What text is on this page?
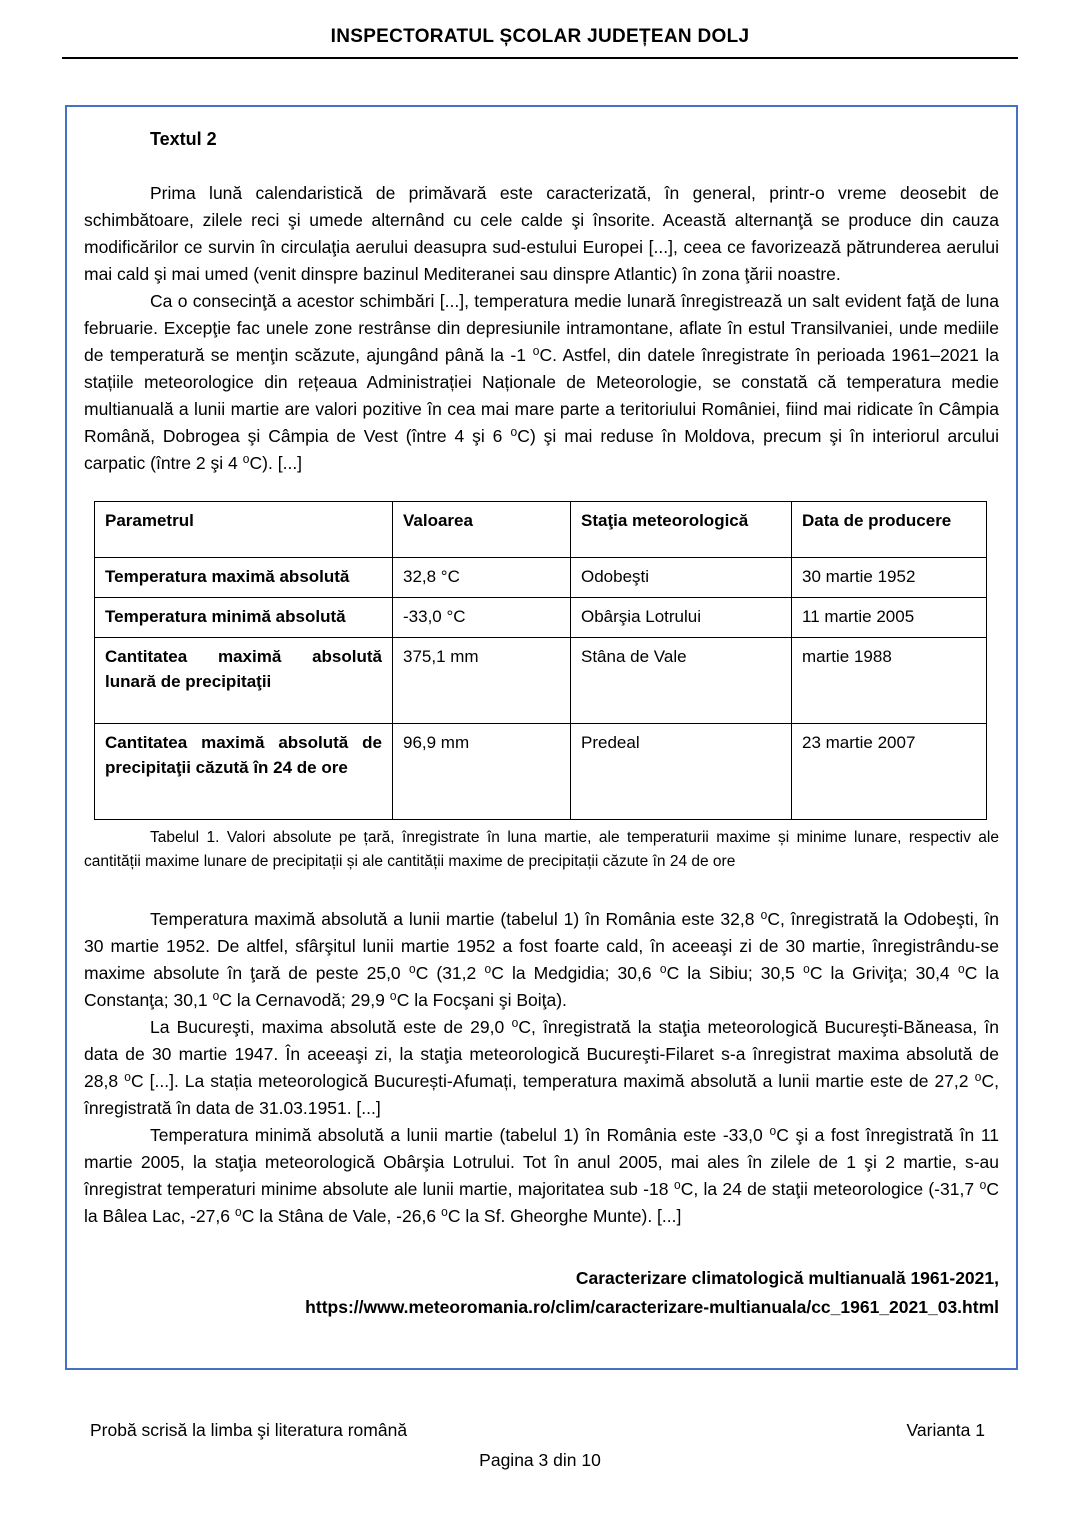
INSPECTORATUL ȘCOLAR JUDEȚEAN DOLJ
Textul 2

Prima lună calendaristică de primăvară este caracterizată, în general, printr-o vreme deosebit de schimbătoare, zilele reci şi umede alternând cu cele calde şi însorite. Această alternanţă se produce din cauza modificărilor ce survin în circulaţia aerului deasupra sud-estului Europei [...], ceea ce favorizează pătrunderea aerului mai cald şi mai umed (venit dinspre bazinul Mediteranei sau dinspre Atlantic) în zona ţării noastre.

Ca o consecinţă a acestor schimbări [...], temperatura medie lunară înregistrează un salt evident faţă de luna februarie. Excepţie fac unele zone restrânse din depresiunile intramontane, aflate în estul Transilvaniei, unde mediile de temperatură se menţin scăzute, ajungând până la -1 ⁰C. Astfel, din datele înregistrate în perioada 1961–2021 la stațiile meteorologice din rețeaua Administrației Naționale de Meteorologie, se constată că temperatura medie multianuală a lunii martie are valori pozitive în cea mai mare parte a teritoriului României, fiind mai ridicate în Câmpia Română, Dobrogea şi Câmpia de Vest (între 4 şi 6 ⁰C) şi mai reduse în Moldova, precum şi în interiorul arcului carpatic (între 2 şi 4 ⁰C). [...]

Parametrul	Valoarea	Staţia meteorologică	Data de producere
Temperatura maximă absolută	32,8 °C	Odobeşti	30 martie 1952
Temperatura minimă absolută	-33,0 °C	Obârşia Lotrului	11 martie 2005
Cantitatea maximă absolută lunară de precipitaţii	375,1 mm	Stâna de Vale	martie 1988
Cantitatea maximă absolută de precipitaţii căzută în 24 de ore	96,9 mm	Predeal	23 martie 2007

Tabelul 1. Valori absolute pe țară, înregistrate în luna martie, ale temperaturii maxime și minime lunare, respectiv ale cantității maxime lunare de precipitații și ale cantității maxime de precipitații căzute în 24 de ore

Temperatura maximă absolută a lunii martie (tabelul 1) în România este 32,8 ⁰C, înregistrată la Odobeşti, în 30 martie 1952. De altfel, sfârşitul lunii martie 1952 a fost foarte cald, în aceeaşi zi de 30 martie, înregistrându-se maxime absolute în ţară de peste 25,0 ⁰C (31,2 ⁰C la Medgidia; 30,6 ⁰C la Sibiu; 30,5 ⁰C la Griviţa; 30,4 ⁰C la Constanţa; 30,1 ⁰C la Cernavodă; 29,9 ⁰C la Focşani şi Boiţa).

La Bucureşti, maxima absolută este de 29,0 ⁰C, înregistrată la staţia meteorologică Bucureşti-Băneasa, în data de 30 martie 1947. În aceeaşi zi, la staţia meteorologică Bucureşti-Filaret s-a înregistrat maxima absolută de 28,8 ⁰C [...]. La stația meteorologică București-Afumați, temperatura maximă absolută a lunii martie este de 27,2 ⁰C, înregistrată în data de 31.03.1951. [...]

Temperatura minimă absolută a lunii martie (tabelul 1) în România este -33,0 ⁰C şi a fost înregistrată în 11 martie 2005, la staţia meteorologică Obârşia Lotrului. Tot în anul 2005, mai ales în zilele de 1 şi 2 martie, s-au înregistrat temperaturi minime absolute ale lunii martie, majoritatea sub -18 ⁰C, la 24 de staţii meteorologice (-31,7 ⁰C la Bâlea Lac, -27,6 ⁰C la Stâna de Vale, -26,6 ⁰C la Sf. Gheorghe Munte). [...]

Caracterizare climatologică multianuală 1961-2021,
https://www.meteoromania.ro/clim/caracterizare-multianuala/cc_1961_2021_03.html
Probă scrisă la limba şi literatura română	Varianta 1
Pagina 3 din 10
